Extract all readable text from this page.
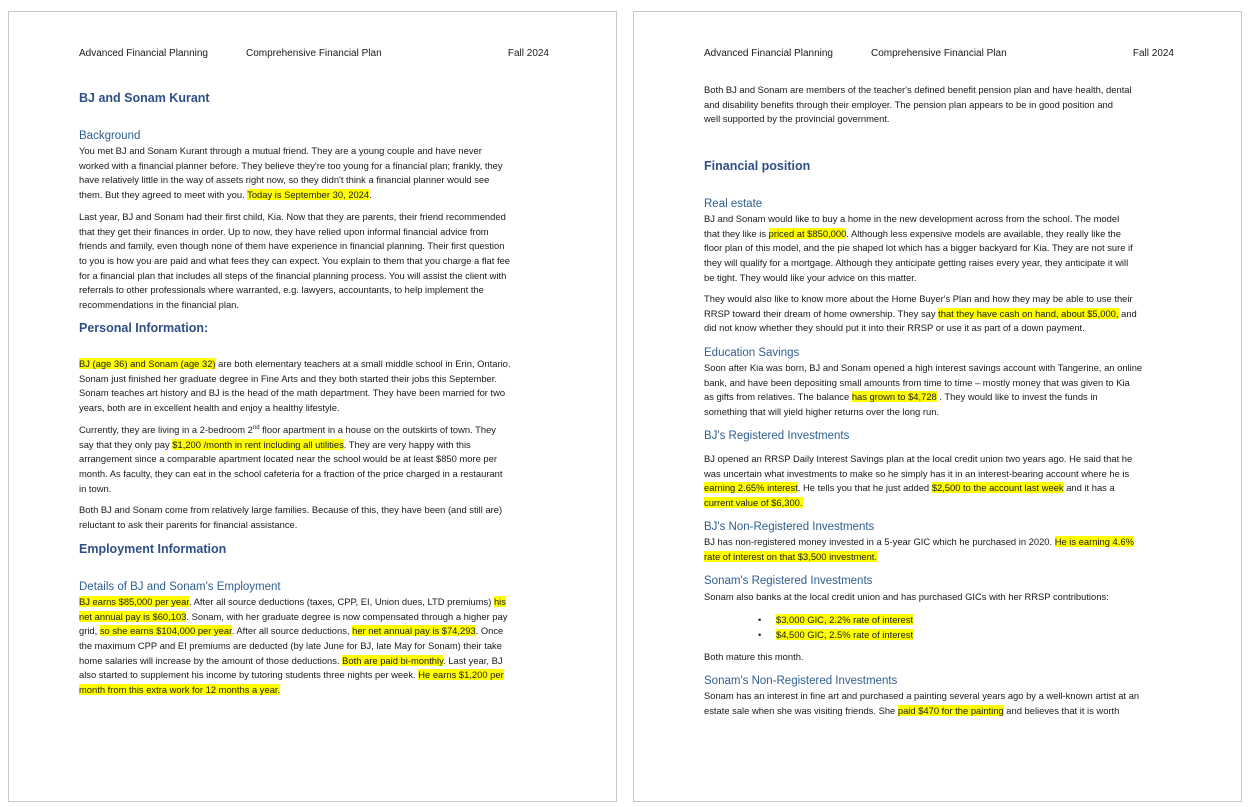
Advanced Financial Planning	Comprehensive Financial Plan	Fall 2024
BJ and Sonam Kurant
Background
You met BJ and Sonam Kurant through a mutual friend. They are a young couple and have never
worked with a financial planner before. They believe they're too young for a financial plan; frankly, they
have relatively little in the way of assets right now, so they didn't think a financial planner would see
them. But they agreed to meet with you. Today is September 30, 2024.
Last year, BJ and Sonam had their first child, Kia. Now that they are parents, their friend recommended
that they get their finances in order. Up to now, they have relied upon informal financial advice from
friends and family, even though none of them have experience in financial planning. Their first question
to you is how you are paid and what fees they can expect. You explain to them that you charge a flat fee
for a financial plan that includes all steps of the financial planning process. You will assist the client with
referrals to other professionals where warranted, e.g. lawyers, accountants, to help implement the
recommendations in the financial plan.
Personal Information:
BJ (age 36) and Sonam (age 32) are both elementary teachers at a small middle school in Erin, Ontario.
Sonam just finished her graduate degree in Fine Arts and they both started their jobs this September.
Sonam teaches art history and BJ is the head of the math department. They have been married for two
years, both are in excellent health and enjoy a healthy lifestyle.
Currently, they are living in a 2-bedroom 2nd floor apartment in a house on the outskirts of town. They
say that they only pay $1,200 /month in rent including all utilities. They are very happy with this
arrangement since a comparable apartment located near the school would be at least $850 more per
month. As faculty, they can eat in the school cafeteria for a fraction of the price charged in a restaurant
in town.
Both BJ and Sonam come from relatively large families. Because of this, they have been (and still are)
reluctant to ask their parents for financial assistance.
Employment Information
Details of BJ and Sonam's Employment
BJ earns $85,000 per year. After all source deductions (taxes, CPP, EI, Union dues, LTD premiums) his
net annual pay is $60,103. Sonam, with her graduate degree is now compensated through a higher pay
grid, so she earns $104,000 per year. After all source deductions, her net annual pay is $74,293. Once
the maximum CPP and EI premiums are deducted (by late June for BJ, late May for Sonam) their take
home salaries will increase by the amount of those deductions. Both are paid bi-monthly. Last year, BJ
also started to supplement his income by tutoring students three nights per week. He earns $1,200 per
month from this extra work for 12 months a year.
Advanced Financial Planning	Comprehensive Financial Plan	Fall 2024
Both BJ and Sonam are members of the teacher's defined benefit pension plan and have health, dental
and disability benefits through their employer. The pension plan appears to be in good position and
well supported by the provincial government.
Financial position
Real estate
BJ and Sonam would like to buy a home in the new development across from the school. The model
that they like is priced at $850,000. Although less expensive models are available, they really like the
floor plan of this model, and the pie shaped lot which has a bigger backyard for Kia. They are not sure if
they will qualify for a mortgage. Although they anticipate getting raises every year, they anticipate it will
be tight. They would like your advice on this matter.
They would also like to know more about the Home Buyer's Plan and how they may be able to use their
RRSP toward their dream of home ownership. They say that they have cash on hand, about $5,000, and
did not know whether they should put it into their RRSP or use it as part of a down payment.
Education Savings
Soon after Kia was born, BJ and Sonam opened a high interest savings account with Tangerine, an online
bank, and have been depositing small amounts from time to time – mostly money that was given to Kia
as gifts from relatives. The balance has grown to $4,728 . They would like to invest the funds in
something that will yield higher returns over the long run.
BJ's Registered Investments
BJ opened an RRSP Daily Interest Savings plan at the local credit union two years ago. He said that he
was uncertain what investments to make so he simply has it in an interest-bearing account where he is
earning 2.65% interest. He tells you that he just added $2,500 to the account last week and it has a
current value of $6,300.
BJ's Non-Registered Investments
BJ has non-registered money invested in a 5-year GIC which he purchased in 2020. He is earning 4.6%
rate of interest on that $3,500 investment.
Sonam's Registered Investments
Sonam also banks at the local credit union and has purchased GICs with her RRSP contributions:
• $3,000 GIC, 2.2% rate of interest
• $4,500 GIC, 2.5% rate of interest
Both mature this month.
Sonam's Non-Registered Investments
Sonam has an interest in fine art and purchased a painting several years ago by a well-known artist at an
estate sale when she was visiting friends. She paid $470 for the painting and believes that it is worth
